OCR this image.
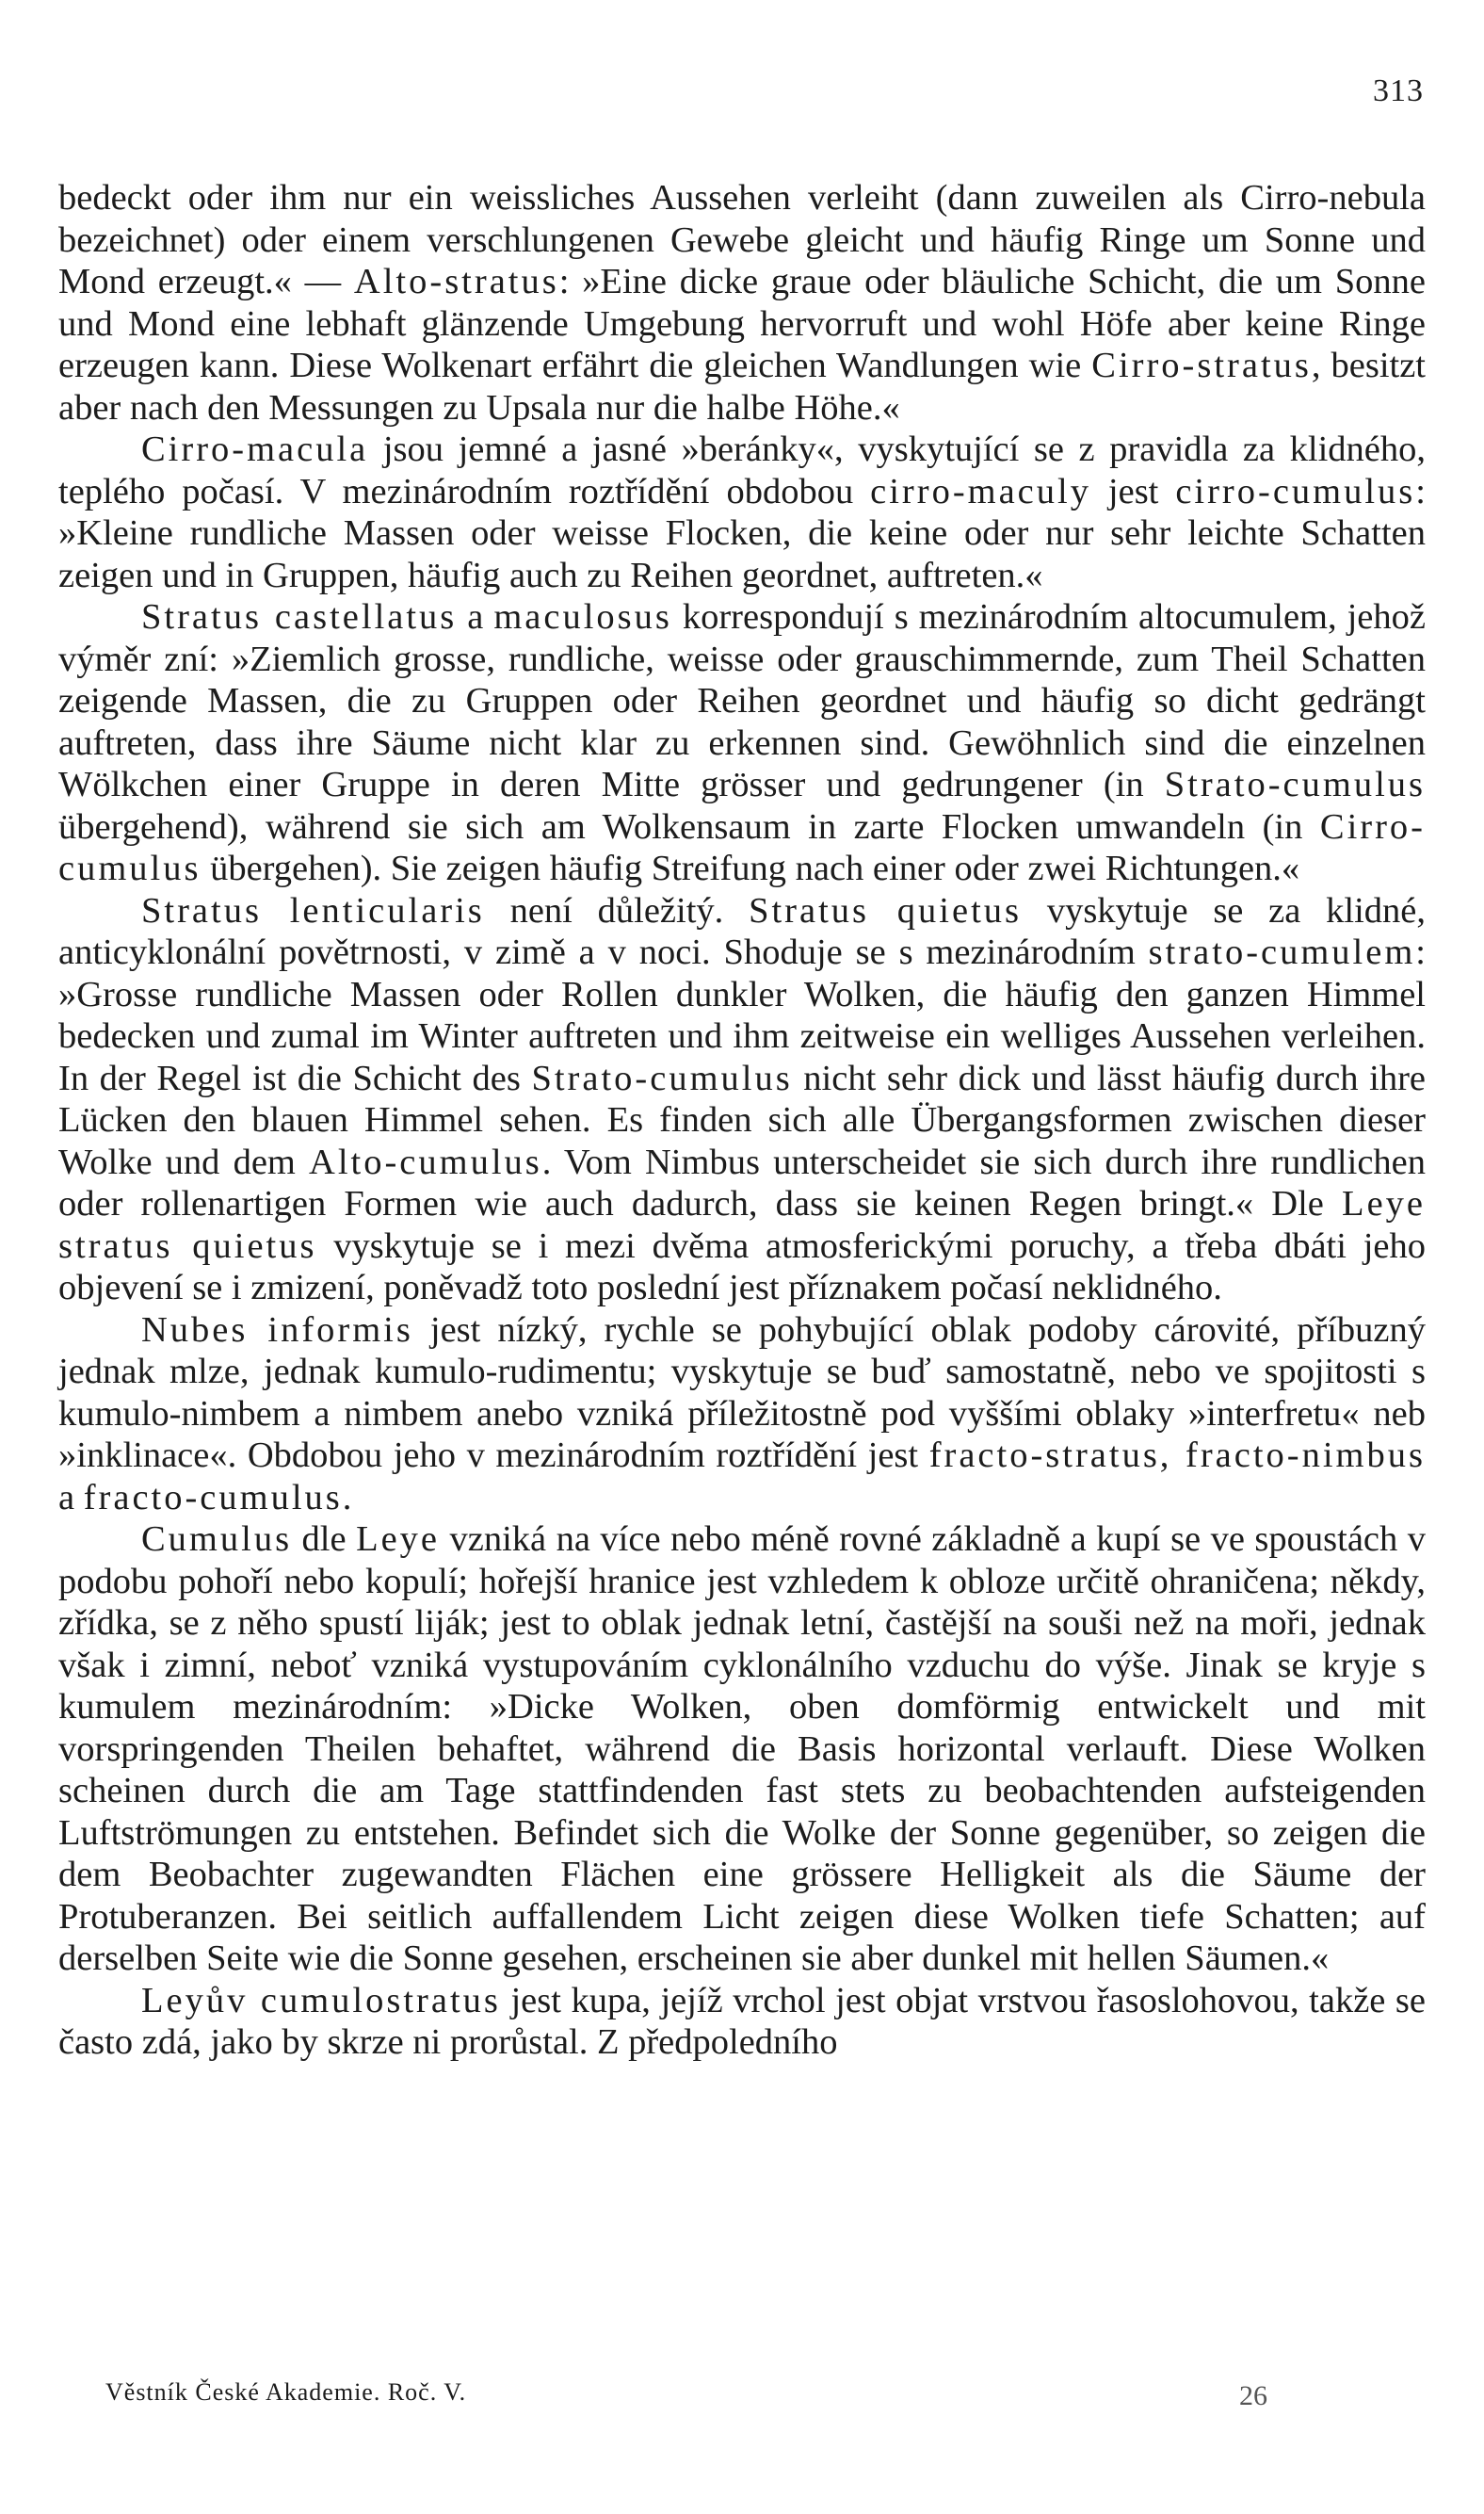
313

bedeckt oder ihm nur ein weissliches Aussehen verleiht (dann zuweilen als Cirro-nebula bezeichnet) oder einem verschlungenen Gewebe gleicht und häufig Ringe um Sonne und Mond erzeugt.« — Alto-stratus: »Eine dicke graue oder bläuliche Schicht, die um Sonne und Mond eine lebhaft glänzende Umgebung hervorruft und wohl Höfe aber keine Ringe erzeugen kann. Diese Wolkenart erfährt die gleichen Wandlungen wie Cirro-stratus, besitzt aber nach den Messungen zu Upsala nur die halbe Höhe.«

Cirro-macula jsou jemné a jasné »beránky«, vyskytující se z pravidla za klidného, teplého počasí. V mezinárodním roztřídění obdobou cirro-maculy jest cirro-cumulus: »Kleine rundliche Massen oder weisse Flocken, die keine oder nur sehr leichte Schatten zeigen und in Gruppen, häufig auch zu Reihen geordnet, auftreten.«

Stratus castellatus a maculosus korrespondují s mezinárodním altocumulem, jehož výměr zní: »Ziemlich grosse, rundliche, weisse oder grauschimmernde, zum Theil Schatten zeigende Massen, die zu Gruppen oder Reihen geordnet und häufig so dicht gedrängt auftreten, dass ihre Säume nicht klar zu erkennen sind. Gewöhnlich sind die einzelnen Wölkchen einer Gruppe in deren Mitte grösser und gedrungener (in Strato-cumulus übergehend), während sie sich am Wolkensaum in zarte Flocken umwandeln (in Cirro-cumulus übergehen). Sie zeigen häufig Streifung nach einer oder zwei Richtungen.«

Stratus lenticularis není důležitý. Stratus quietus vyskytuje se za klidné, anticyklonální povětrnosti, v zimě a v noci. Shoduje se s mezinárodním strato-cumulem: »Grosse rundliche Massen oder Rollen dunkler Wolken, die häufig den ganzen Himmel bedecken und zumal im Winter auftreten und ihm zeitweise ein welliges Aussehen verleihen. In der Regel ist die Schicht des Strato-cumulus nicht sehr dick und lässt häufig durch ihre Lücken den blauen Himmel sehen. Es finden sich alle Übergangsformen zwischen dieser Wolke und dem Alto-cumulus. Vom Nimbus unterscheidet sie sich durch ihre rundlichen oder rollenartigen Formen wie auch dadurch, dass sie keinen Regen bringt.« Dle Leye stratus quietus vyskytuje se i mezi dvěma atmosferickými poruchy, a třeba dbáti jeho objevení se i zmizení, poněvadž toto poslední jest příznakem počasí neklidného.

Nubes informis jest nízký, rychle se pohybující oblak podoby cárovité, příbuzný jednak mlze, jednak kumulo-rudimentu; vyskytuje se buď samostatně, nebo ve spojitosti s kumulo-nimbem a nimbem anebo vzniká příležitostně pod vyššími oblaky »interfretu« neb »inklinace«. Obdobou jeho v mezinárodním roztřídění jest fracto-stratus, fracto-nimbus a fracto-cumulus.

Cumulus dle Leye vzniká na více nebo méně rovné základně a kupí se ve spoustách v podobu pohoří nebo kopulí; hořejší hranice jest vzhledem k obloze určitě ohraničena; někdy, zřídka, se z něho spustí liják; jest to oblak jednak letní, častější na souši než na moři, jednak však i zimní, neboť vzniká vystupováním cyklonálního vzduchu do výše. Jinak se kryje s kumulem mezinárodním: »Dicke Wolken, oben domförmig entwickelt und mit vorspringenden Theilen behaftet, während die Basis horizontal verlauft. Diese Wolken scheinen durch die am Tage stattfindenden fast stets zu beobachtenden aufsteigenden Luftströmungen zu entstehen. Befindet sich die Wolke der Sonne gegenüber, so zeigen die dem Beobachter zugewandten Flächen eine grössere Helligkeit als die Säume der Protuberanzen. Bei seitlich auffallendem Licht zeigen diese Wolken tiefe Schatten; auf derselben Seite wie die Sonne gesehen, erscheinen sie aber dunkel mit hellen Säumen.«

Leyův cumulostratus jest kupa, jejíž vrchol jest objat vrstvou řasoslohovou, takže se často zdá, jako by skrze ni prorůstal. Z předpoledního

Věstník České Akademie. Roč. V.	26
